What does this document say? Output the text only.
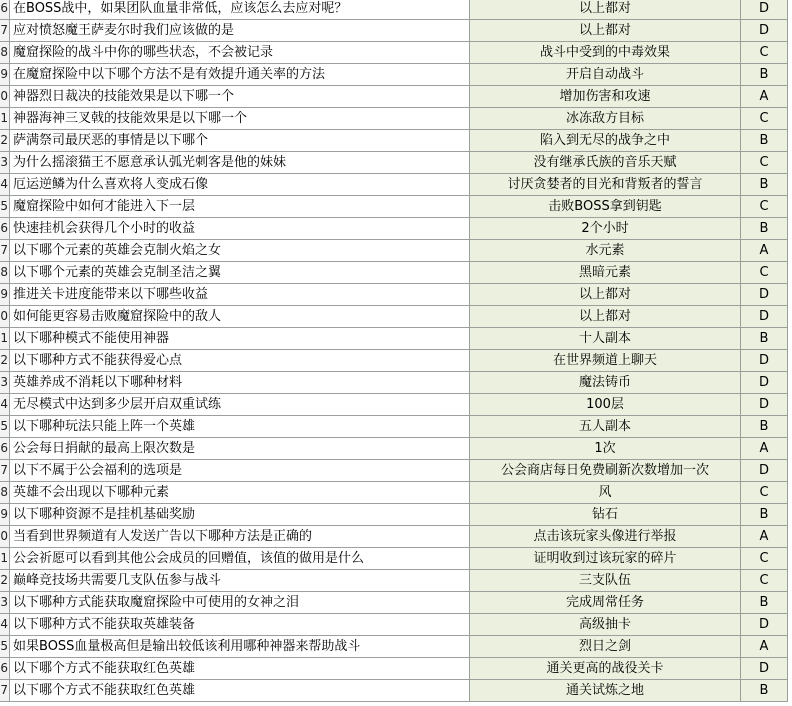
6 在BOSS战中，如果团队血量非常低，应该怎么去应对呢？	以上都对	D
7 应对愤怒魔王萨麦尔时我们应该做的是	以上都对	D
8 魔窟探险的战斗中你的哪些状态，不会被记录	战斗中受到的中毒效果	C
9 在魔窟探险中以下哪个方法不是有效提升通关率的方法	开启自动战斗	B
0 神器烈日裁决的技能效果是以下哪一个	增加伤害和攻速	A
1 神器海神三叉戟的技能效果是以下哪一个	冰冻敌方目标	C
2 萨满祭司最厌恶的事情是以下哪个	陷入到无尽的战争之中	B
3 为什么摇滚猫王不愿意承认弧光刺客是他的妹妹	没有继承氏族的音乐天赋	C
4 厄运逆鳞为什么喜欢将人变成石像	讨厌贪婪者的目光和背叛者的誓言	B
5 魔窟探险中如何才能进入下一层	击败BOSS拿到钥匙	C
6 快速挂机会获得几个小时的收益	2个小时	B
7 以下哪个元素的英雄会克制火焰之女	水元素	A
8 以下哪个元素的英雄会克制圣洁之翼	黑暗元素	C
9 推进关卡进度能带来以下哪些收益	以上都对	D
0 如何能更容易击败魔窟探险中的敌人	以上都对	D
1 以下哪种模式不能使用神器	十人副本	B
2 以下哪种方式不能获得爱心点	在世界频道上聊天	D
3 英雄养成不消耗以下哪种材料	魔法铸币	D
4 无尽模式中达到多少层开启双重试练	100层	D
5 以下哪种玩法只能上阵一个英雄	五人副本	B
6 公会每日捐献的最高上限次数是	1次	A
7 以下不属于公会福利的选项是	公会商店每日免费刷新次数增加一次	D
8 英雄不会出现以下哪种元素	风	C
9 以下哪种资源不是挂机基础奖励	钻石	B
0 当看到世界频道有人发送广告以下哪种方法是正确的	点击该玩家头像进行举报	A
1 公会祈愿可以看到其他公会成员的回赠值，该值的做用是什么	证明收到过该玩家的碎片	C
2 巅峰竞技场共需要几支队伍参与战斗	三支队伍	C
3 以下哪种方式能获取魔窟探险中可使用的女神之泪	完成周常任务	B
4 以下哪种方式不能获取英雄装备	高级抽卡	D
5 如果BOSS血量极高但是输出较低该利用哪种神器来帮助战斗	烈日之剑	A
6 以下哪个方式不能获取红色英雄	通关更高的战役关卡	D
7 以下哪个方式不能获取红色英雄	通关试炼之地	B
